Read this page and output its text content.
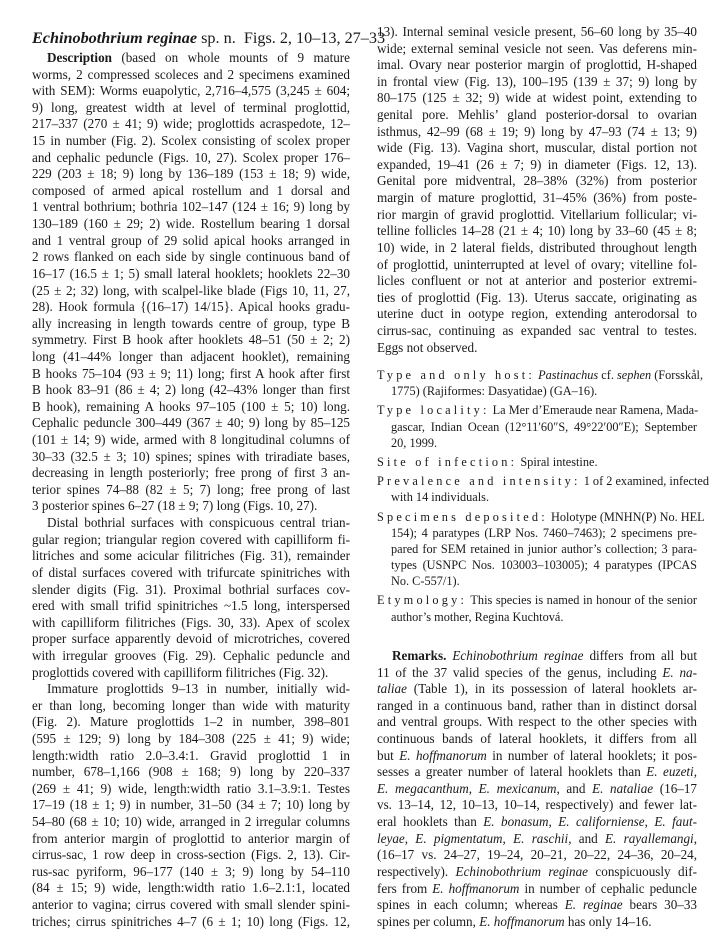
Echinobothrium reginae sp. n. Figs. 2, 10–13, 27–33
Description (based on whole mounts of 9 mature
worms, 2 compressed scoleces and 2 specimens examined
with SEM): Worms euapolytic, 2,716–4,575 (3,245 ± 604;
9) long, greatest width at level of terminal proglottid,
217–337 (270 ± 41; 9) wide; proglottids acraspedote, 12–
15 in number (Fig. 2). Scolex consisting of scolex proper
and cephalic peduncle (Figs. 10, 27). Scolex proper 176–
229 (203 ± 18; 9) long by 136–189 (153 ± 18; 9) wide,
composed of armed apical rostellum and 1 dorsal and
1 ventral bothrium; bothria 102–147 (124 ± 16; 9) long by
130–189 (160 ± 29; 2) wide. Rostellum bearing 1 dorsal
and 1 ventral group of 29 solid apical hooks arranged in
2 rows flanked on each side by single continuous band of
16–17 (16.5 ± 1; 5) small lateral hooklets; hooklets 22–30
(25 ± 2; 32) long, with scalpel-like blade (Figs 10, 11, 27,
28). Hook formula {(16–17) 14/15}. Apical hooks gradu-
ally increasing in length towards centre of group, type B
symmetry. First B hook after hooklets 48–51 (50 ± 2; 2)
long (41–44% longer than adjacent hooklet), remaining
B hooks 75–104 (93 ± 9; 11) long; first A hook after first
B hook 83–91 (86 ± 4; 2) long (42–43% longer than first
B hook), remaining A hooks 97–105 (100 ± 5; 10) long.
Cephalic peduncle 300–449 (367 ± 40; 9) long by 85–125
(101 ± 14; 9) wide, armed with 8 longitudinal columns of
30–33 (32.5 ± 3; 10) spines; spines with triradiate bases,
decreasing in length posteriorly; free prong of first 3 an-
terior spines 74–88 (82 ± 5; 7) long; free prong of last
3 posterior spines 6–27 (18 ± 9; 7) long (Figs. 10, 27).
Distal bothrial surfaces with conspicuous central trian-
gular region; triangular region covered with capilliform fi-
litriches and some acicular filitriches (Fig. 31), remainder
of distal surfaces covered with trifurcate spinitriches with
slender digits (Fig. 31). Proximal bothrial surfaces cov-
ered with small trifid spinitriches ~1.5 long, interspersed
with capilliform filitriches (Figs. 30, 33). Apex of scolex
proper surface apparently devoid of microtriches, covered
with irregular grooves (Fig. 29). Cephalic peduncle and
proglottids covered with capilliform filitriches (Fig. 32).
Immature proglottids 9–13 in number, initially wid-
er than long, becoming longer than wide with maturity
(Fig. 2). Mature proglottids 1–2 in number, 398–801
(595 ± 129; 9) long by 184–308 (225 ± 41; 9) wide;
length:width ratio 2.0–3.4:1. Gravid proglottid 1 in
number, 678–1,166 (908 ± 168; 9) long by 220–337
(269 ± 41; 9) wide, length:width ratio 3.1–3.9:1. Testes
17–19 (18 ± 1; 9) in number, 31–50 (34 ± 7; 10) long by
54–80 (68 ± 10; 10) wide, arranged in 2 irregular columns
from anterior margin of proglottid to anterior margin of
cirrus-sac, 1 row deep in cross-section (Figs. 2, 13). Cir-
rus-sac pyriform, 96–177 (140 ± 3; 9) long by 54–110
(84 ± 15; 9) wide, length:width ratio 1.6–2.1:1, located
anterior to vagina; cirrus covered with small slender spini-
triches; cirrus spinitriches 4–7 (6 ± 1; 10) long (Figs. 12,
13). Internal seminal vesicle present, 56–60 long by 35–40
wide; external seminal vesicle not seen. Vas deferens min-
imal. Ovary near posterior margin of proglottid, H-shaped
in frontal view (Fig. 13), 100–195 (139 ± 37; 9) long by
80–175 (125 ± 32; 9) wide at widest point, extending to
genital pore. Mehlis’ gland posterior-dorsal to ovarian
isthmus, 42–99 (68 ± 19; 9) long by 47–93 (74 ± 13; 9)
wide (Fig. 13). Vagina short, muscular, distal portion not
expanded, 19–41 (26 ± 7; 9) in diameter (Figs. 12, 13).
Genital pore midventral, 28–38% (32%) from posterior
margin of mature proglottid, 31–45% (36%) from poste-
rior margin of gravid proglottid. Vitellarium follicular; vi-
telline follicles 14–28 (21 ± 4; 10) long by 33–60 (45 ± 8;
10) wide, in 2 lateral fields, distributed throughout length
of proglottid, uninterrupted at level of ovary; vitelline fol-
licles confluent or not at anterior and posterior extremi-
ties of proglottid (Fig. 13). Uterus saccate, originating as
uterine duct in ootype region, extending anterodorsal to
cirrus-sac, continuing as expanded sac ventral to testes.
Eggs not observed.
Type and only host: Pastinachus cf. sephen (Forsskål,
1775) (Rajiformes: Dasyatidae) (GA–16).
Type locality: La Mer d’Emeraude near Ramena, Mada-
gascar, Indian Ocean (12°11′60″S, 49°22′00″E); September
20, 1999.
Site of infection: Spiral intestine.
Prevalence and intensity: 1 of 2 examined, infected
with 14 individuals.
Specimens deposited: Holotype (MNHN(P) No. HEL
154); 4 paratypes (LRP Nos. 7460–7463); 2 specimens pre-
pared for SEM retained in junior author’s collection; 3 para-
types (USNPC Nos. 103003–103005); 4 paratypes (IPCAS
No. C-557/1).
Etymology: This species is named in honour of the senior
author’s mother, Regina Kuchtová.
Remarks. Echinobothrium reginae differs from all but
11 of the 37 valid species of the genus, including E. na-
taliae (Table 1), in its possession of lateral hooklets ar-
ranged in a continuous band, rather than in distinct dorsal
and ventral groups. With respect to the other species with
continuous bands of lateral hooklets, it differs from all
but E. hoffmanorum in number of lateral hooklets; it pos-
sesses a greater number of lateral hooklets than E. euzeti,
E. megacanthum, E. mexicanum, and E. nataliae (16–17
vs. 13–14, 12, 10–13, 10–14, respectively) and fewer lat-
eral hooklets than E. bonasum, E. californiense, E. faut-
leyae, E. pigmentatum, E. raschii, and E. rayallemangi,
(16–17 vs. 24–27, 19–24, 20–21, 20–22, 24–36, 20–24,
respectively). Echinobothrium reginae conspicuously dif-
fers from E. hoffmanorum in number of cephalic peduncle
spines in each column; whereas E. reginae bears 30–33
spines per column, E. hoffmanorum has only 14–16.
